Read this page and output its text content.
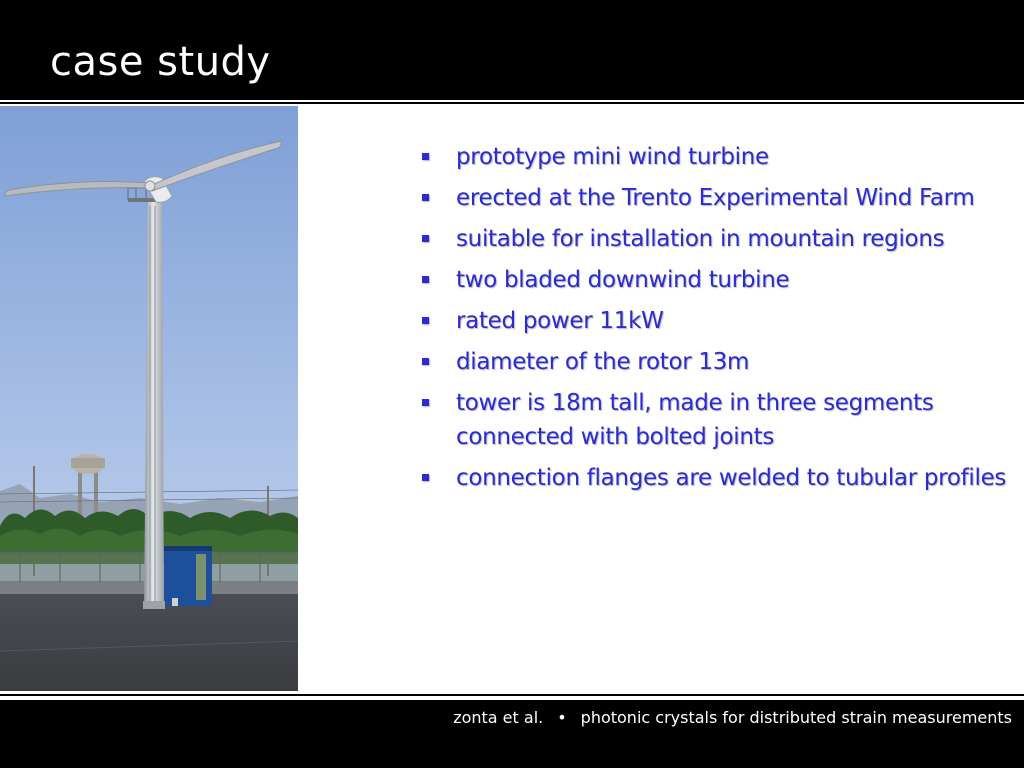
case study
prototype mini wind turbine
erected at the Trento Experimental Wind Farm
suitable for installation in mountain regions
two bladed downwind turbine
rated power 11kW
diameter of the rotor 13m
tower is 18m tall, made in three segments connected with bolted joints
connection flanges are welded to tubular profiles
zonta et al. • photonic crystals for distributed strain measurements
